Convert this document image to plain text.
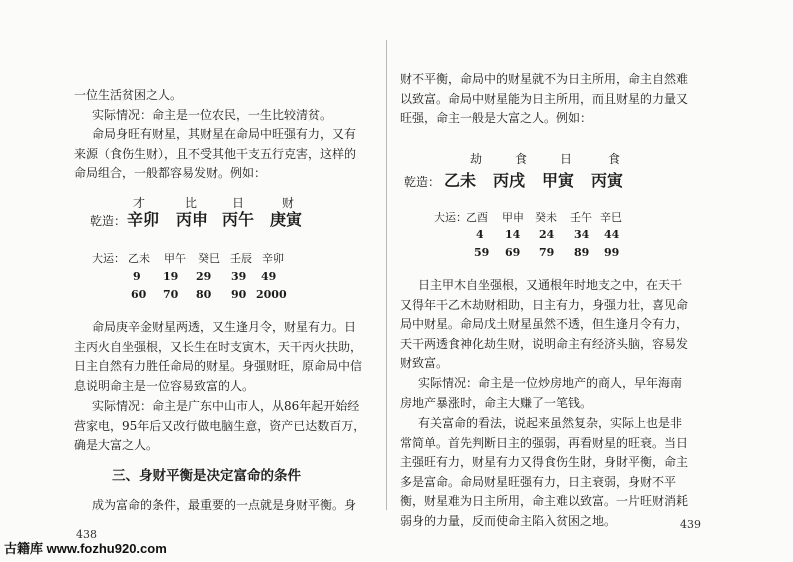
一位生活贫困之人。
实际情况：命主是一位农民，一生比较清贫。
命局身旺有财星，其财星在命局中旺强有力，又有
来源（食伤生财），且不受其他干支五行克害，这样的
命局组合，一般都容易发财。例如：
才	比	日	财
乾造： 辛卯 丙申 丙午 庚寅
大运： 乙未 甲午 癸巳 壬辰 辛卯
9 19 29 39 49
60 70 80 90 2000
命局庚辛金财星两透，又生逢月令，财星有力。日
主丙火自坐强根，又长生在时支寅木，天干丙火扶助，
日主自然有力胜任命局的财星。身强财旺，原命局中信
息说明命主是一位容易致富的人。
实际情况：命主是广东中山市人，从86年起开始经
营家电，95年后又改行做电脑生意，资产已达数百万，
确是大富之人。
三、身财平衡是决定富命的条件
成为富命的条件，最重要的一点就是身财平衡。身
438
财不平衡，命局中的财星就不为日主所用，命主自然难
以致富。命局中财星能为日主所用，而且财星的力量又
旺强，命主一般是大富之人。例如：
劫	食	日	食
乾造： 乙未 丙戌 甲寅 丙寅
大运： 乙酉 甲申 癸未 壬午 辛巳
4 14 24 34 44
59 69 79 89 99
日主甲木自坐强根，又通根年时地支之中，在天干
又得年干乙木劫财相助，日主有力，身强力壮，喜见命
局中财星。命局戊土财星虽然不透，但生逢月令有力，
天干两透食神化劫生财，说明命主有经济头脑，容易发
财致富。
实际情况：命主是一位炒房地产的商人，早年海南
房地产暴涨时，命主大赚了一笔钱。
有关富命的看法，说起来虽然复杂，实际上也是非
常简单。首先判断日主的强弱，再看财星的旺衰。当日
主强旺有力，财星有力又得食伤生財，身財平衡，命主
多是富命。命局财星旺强有力，日主衰弱，身财不平
衡，财星难为日主所用，命主难以致富。一片旺财消耗
弱身的力量，反而使命主陷入贫困之地。	439
古籍库 www.fozhu920.com
